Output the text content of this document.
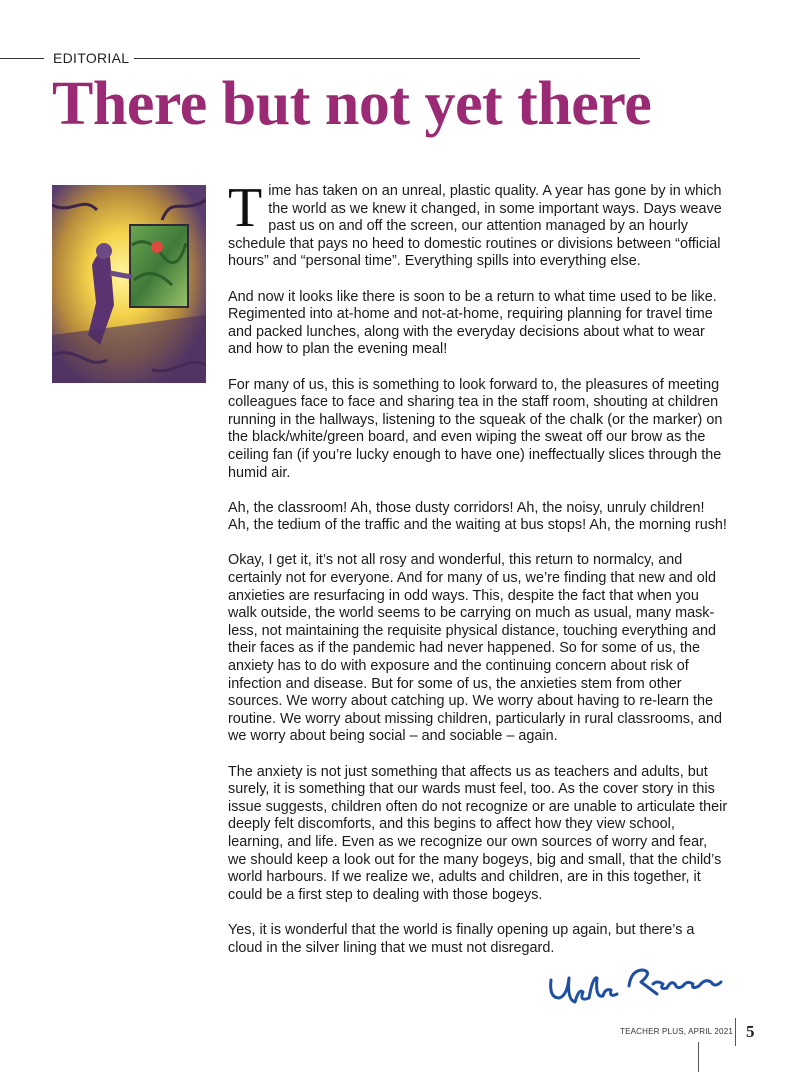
EDITORIAL
There but not yet there

Time has taken on an unreal, plastic quality. A year has gone by in which the world as we knew it changed, in some important ways. Days weave past us on and off the screen, our attention managed by an hourly schedule that pays no heed to domestic routines or divisions between “official hours” and “personal time”. Everything spills into everything else.

And now it looks like there is soon to be a return to what time used to be like. Regimented into at-home and not-at-home, requiring planning for travel time and packed lunches, along with the everyday decisions about what to wear and how to plan the evening meal!

For many of us, this is something to look forward to, the pleasures of meeting colleagues face to face and sharing tea in the staff room, shouting at children running in the hallways, listening to the squeak of the chalk (or the marker) on the black/white/green board, and even wiping the sweat off our brow as the ceiling fan (if you’re lucky enough to have one) ineffectually slices through the humid air.

Ah, the classroom! Ah, those dusty corridors! Ah, the noisy, unruly children! Ah, the tedium of the traffic and the waiting at bus stops! Ah, the morning rush!

Okay, I get it, it’s not all rosy and wonderful, this return to normalcy, and certainly not for everyone. And for many of us, we’re finding that new and old anxieties are resurfacing in odd ways. This, despite the fact that when you walk outside, the world seems to be carrying on much as usual, many mask-less, not maintaining the requisite physical distance, touching everything and their faces as if the pandemic had never happened. So for some of us, the anxiety has to do with exposure and the continuing concern about risk of infection and disease. But for some of us, the anxieties stem from other sources. We worry about catching up. We worry about having to re-learn the routine. We worry about missing children, particularly in rural classrooms, and we worry about being social – and sociable – again.

The anxiety is not just something that affects us as teachers and adults, but surely, it is something that our wards must feel, too. As the cover story in this issue suggests, children often do not recognize or are unable to articulate their deeply felt discomforts, and this begins to affect how they view school, learning, and life. Even as we recognize our own sources of worry and fear, we should keep a look out for the many bogeys, big and small, that the child’s world harbours. If we realize we, adults and children, are in this together, it could be a first step to dealing with those bogeys.

Yes, it is wonderful that the world is finally opening up again, but there’s a cloud in the silver lining that we must not disregard.

TEACHER PLUS, APRIL 2021 5
